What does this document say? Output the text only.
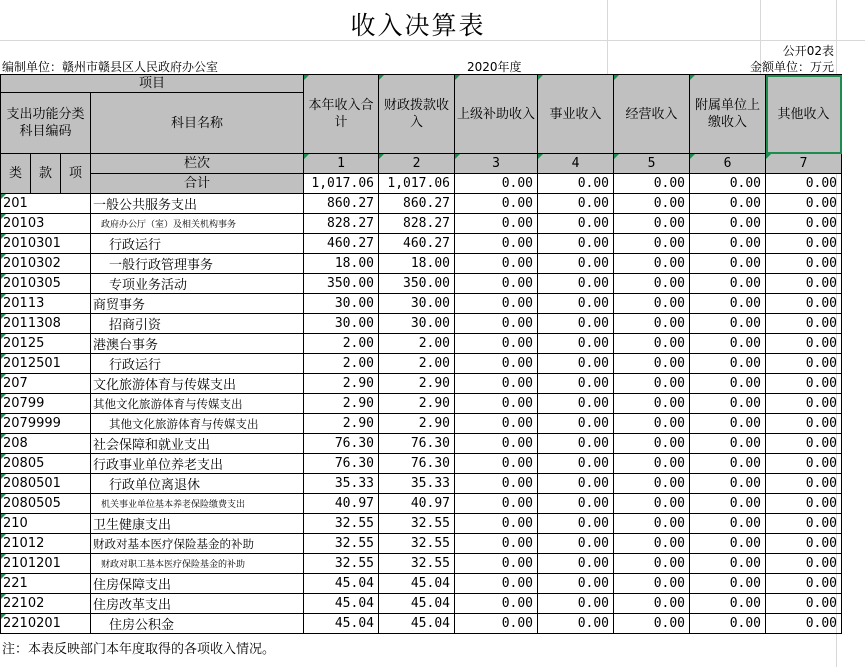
收入决算表
公开02表
编制单位：赣州市赣县区人民政府办公室	2020年度	金额单位：万元
项目				本年收入合计	财政拨款收入	上级补助收入	事业收入	经营收入	附属单位上缴收入	其他收入
支出功能分类科目编码			科目名称							
类	款	项	栏次	1	2	3	4	5	6	7
			合计	1,017.06	1,017.06	0.00	0.00	0.00	0.00	0.00
201			一般公共服务支出	860.27	860.27	0.00	0.00	0.00	0.00	0.00
20103			政府办公厅（室）及相关机构事务	828.27	828.27	0.00	0.00	0.00	0.00	0.00
2010301			行政运行	460.27	460.27	0.00	0.00	0.00	0.00	0.00
2010302			一般行政管理事务	18.00	18.00	0.00	0.00	0.00	0.00	0.00
2010305			专项业务活动	350.00	350.00	0.00	0.00	0.00	0.00	0.00
20113			商贸事务	30.00	30.00	0.00	0.00	0.00	0.00	0.00
2011308			招商引资	30.00	30.00	0.00	0.00	0.00	0.00	0.00
20125			港澳台事务	2.00	2.00	0.00	0.00	0.00	0.00	0.00
2012501			行政运行	2.00	2.00	0.00	0.00	0.00	0.00	0.00
207			文化旅游体育与传媒支出	2.90	2.90	0.00	0.00	0.00	0.00	0.00
20799			其他文化旅游体育与传媒支出	2.90	2.90	0.00	0.00	0.00	0.00	0.00
2079999			其他文化旅游体育与传媒支出	2.90	2.90	0.00	0.00	0.00	0.00	0.00
208			社会保障和就业支出	76.30	76.30	0.00	0.00	0.00	0.00	0.00
20805			行政事业单位养老支出	76.30	76.30	0.00	0.00	0.00	0.00	0.00
2080501			行政单位离退休	35.33	35.33	0.00	0.00	0.00	0.00	0.00
2080505			机关事业单位基本养老保险缴费支出	40.97	40.97	0.00	0.00	0.00	0.00	0.00
210			卫生健康支出	32.55	32.55	0.00	0.00	0.00	0.00	0.00
21012			财政对基本医疗保险基金的补助	32.55	32.55	0.00	0.00	0.00	0.00	0.00
2101201			财政对职工基本医疗保险基金的补助	32.55	32.55	0.00	0.00	0.00	0.00	0.00
221			住房保障支出	45.04	45.04	0.00	0.00	0.00	0.00	0.00
22102			住房改革支出	45.04	45.04	0.00	0.00	0.00	0.00	0.00
2210201			住房公积金	45.04	45.04	0.00	0.00	0.00	0.00	0.00
注：本表反映部门本年度取得的各项收入情况。
